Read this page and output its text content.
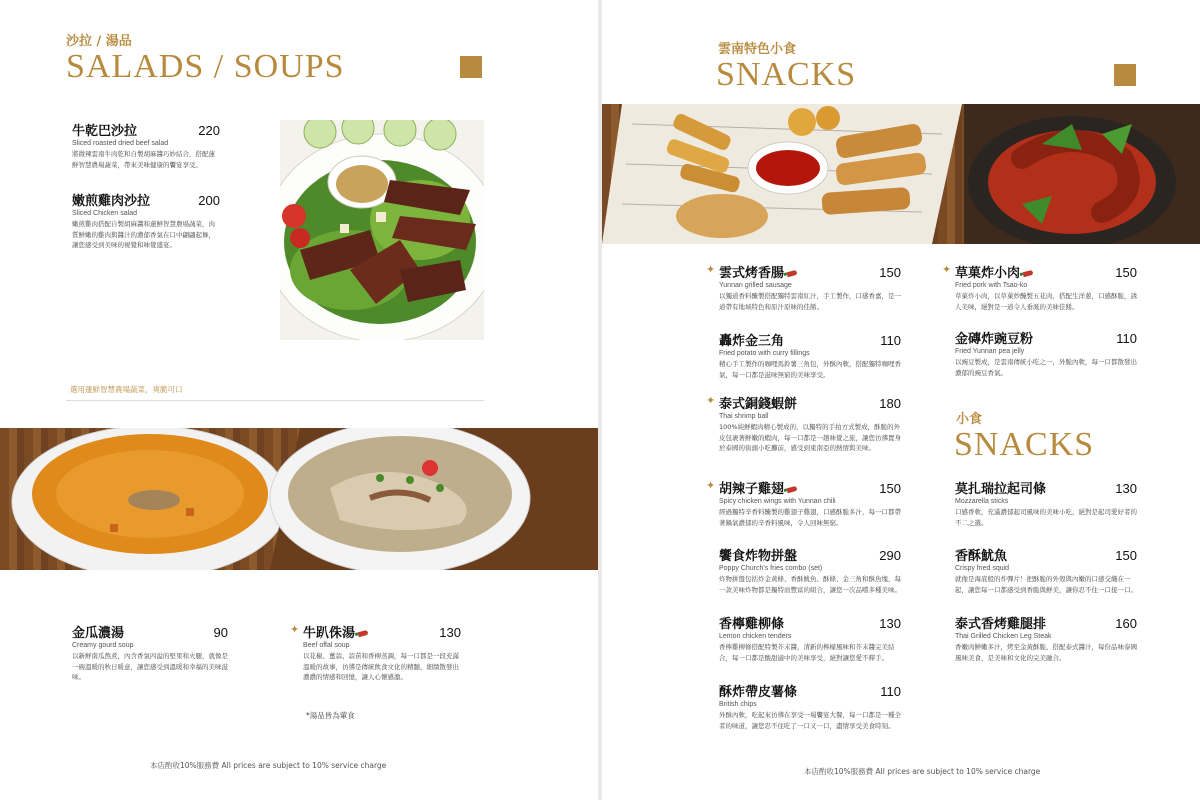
沙拉 / 湯品
SALADS / SOUPS
牛乾巴沙拉	220
Sliced roasted dried beef salad
將微辣雲南牛肉乾和自製胡麻醬巧妙結合，搭配蓮鮮智慧農場蔬菜，帶來美味健康的饗宴享受。
嫩煎雞肉沙拉	200
Sliced Chicken salad
嫩煎雞肉搭配自製胡麻醬和蓮鮮智慧農場蔬菜，肉質鮮嫩的雞肉與醬汁的濃郁香氣在口中翩翩起舞，讓您感受到美味的視覺和味覺盛宴。
選用蓮鮮智慧農場蔬菜，爽脆可口
金瓜濃湯	90
Creamy gourd soup
以新鮮南瓜熬煮，內含香氣四溢的堅果和火腿，就像是一碗溫暖的秋日暖意，讓您感受到溫暖和幸福的美味滋味。
✦ 牛趴侏湯	130
Beef offal soup
以花椒、薑蒜、蒜苗和香柳蒸調，每一口都是一段充滿溫暖的故事，彷彿是傳統飲食文化的精髓，細緻散發出濃濃的情感和回憶，讓人心懷感激。
*湯品皆為葷食
本店酌收10%服務費 All prices are subject to 10% service charge
雲南特色小食
SNACKS
✦ 雲式烤香腸	150
Yunnan grilled sausage
以獨道香料醃製搭配獨特雲南紅汁，手工製作，口感香嘉，是一道帶有地域特色和原汁原味的佳餚。
轟炸金三角	110
Fried potato with curry fillings
精心手工製作的咖哩馬鈴薯三角包，外酥內軟，搭配獨特咖哩香氣，每一口都是滋味無窮的美味享受。
✦ 泰式銅錢蝦餅	180
Thai shrimp ball
100%純鮮蝦肉精心製成的，以獨特的手拍方式製成，酥脆的外皮包裹著鮮嫩的蝦肉，每一口都是一趟味覺之旅，讓您彷彿置身於泰國的街頭小吃攤前，感受到東南亞的熱情與美味。
✦ 胡辣子雞翅	150
Spicy chicken wings with Yunnan chili
經過獨特辛香料醃製的雞翅子雞翅，口感酥脆多汁，每一口都帶著鍋氣濃郁的辛香料風味，令人回味無窮。
饗食炸物拼盤	290
Poppy Church's fries combo (set)
炸物拼盤包括炸金黃條、香酥魷魚、酥條、金三角和酥魚塊，每一款美味炸物都是獨特而豐富的組合，讓您一次品嚐多種美味。
香檸雞柳條	130
Lemon chicken tenders
香檸雞柳條搭配特製芥末醬，清新的檸檬風味和芥末醬完美結合，每一口都是酸甜適中的美味享受，絕對讓您愛不釋手。
酥炸帶皮薯條	110
British chips
外酥內軟，吃起來彷彿在享受一場饗宴大餐，每一口都是一種全者的味道，讓您忍不住吃了一口又一口，盡情享受美食時刻。
✦ 草菓炸小肉	150
Fried pork with Tsao-ko
草菓炸小肉，以草菓炒醃製五花肉，搭配生洋蔥，口感酥脆，誘人美味，絕對是一道令人垂涎的美味佳餚。
金磚炸豌豆粉	110
Fried Yunnan pea jelly
以豌豆製成，是雲南傳統小吃之一，外脆內軟，每一口都散發出濃郁的豌豆香氣。
小食
SNACKS
莫扎瑞拉起司條	130
Mozzarella sticks
口感香軟，充滿濃郁起司風味的美味小吃，絕對是起司愛好者的不二之選。
香酥魷魚	150
Crispy fried squid
就像是海底般的炸彈片！把酥脆的外殼與內嫩的口感交織在一起，讓您每一口都感受到香脆與鮮美，讓你忍不住一口接一口。
泰式香烤雞腿排	160
Thai Grilled Chicken Leg Steak
香嫩肉鮮嫩多汁，烤至金黃酥脆，搭配泰式醬汁，每份品味泰國風味美食，是美味和文化的完美融合。
本店酌收10%服務費 All prices are subject to 10% service charge
